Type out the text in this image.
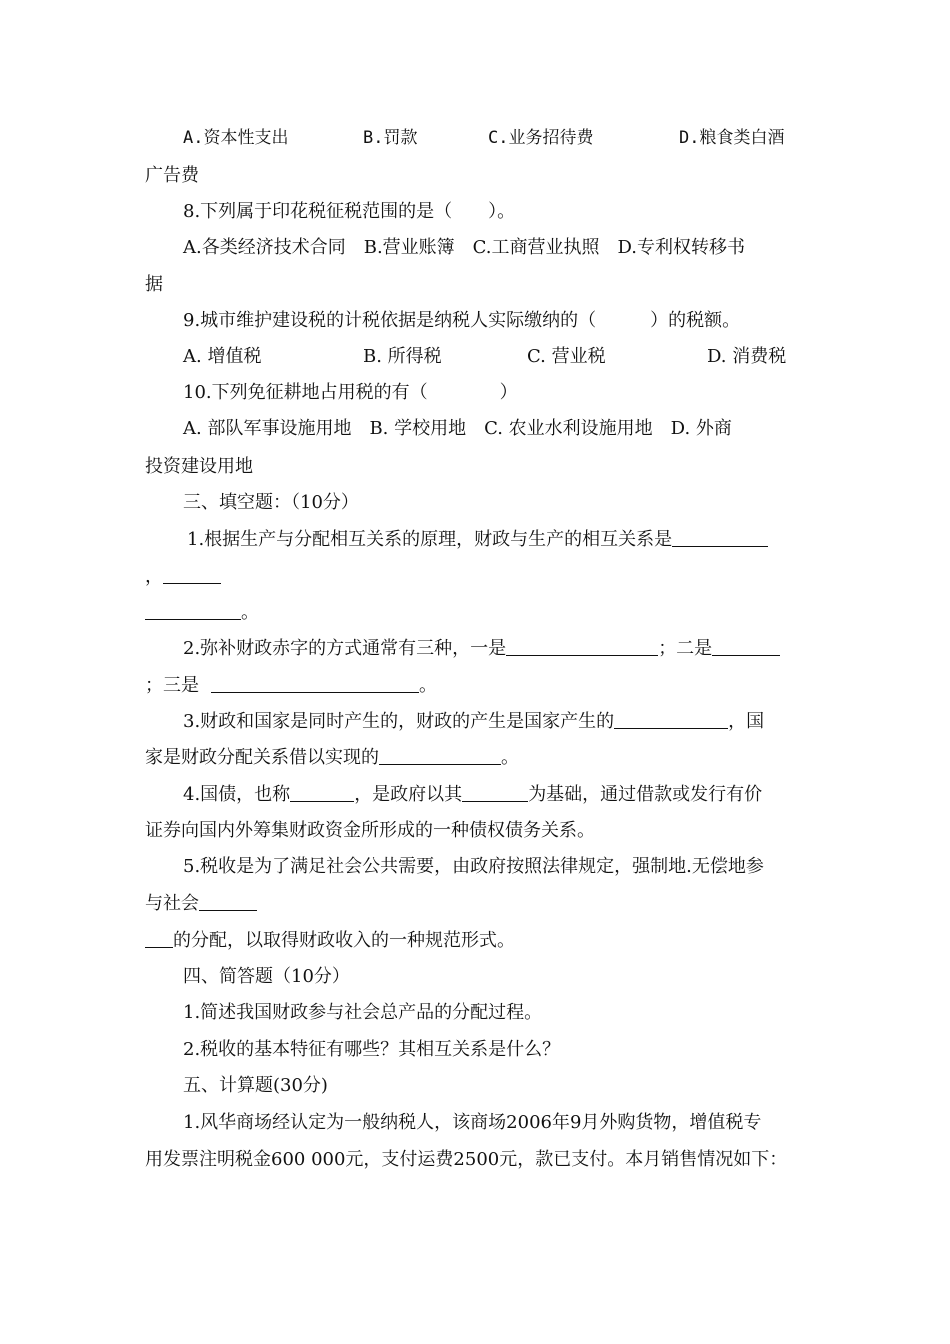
A.资本性支出	B.罚款	C.业务招待费	D.粮食类白酒
广告费
8.下列属于印花税征税范围的是（　　）。
A.各类经济技术合同　B.营业账簿　C.工商营业执照　D.专利权转移书
据
9.城市维护建设税的计税依据是纳税人实际缴纳的（　　　）的税额。
A. 增值税	B. 所得税	C. 营业税	D. 消费税
10.下列免征耕地占用税的有（　　　　）
A. 部队军事设施用地　B. 学校用地　C. 农业水利设施用地　D. 外商
投资建设用地
三、填空题：（10分）
1.根据生产与分配相互关系的原理，财政与生产的相互关系是
，
。
2.弥补财政赤字的方式通常有三种，一是	；二是
；三是	。
3.财政和国家是同时产生的，财政的产生是国家产生的	，国
家是财政分配关系借以实现的	。
4.国债，也称	，是政府以其	为基础，通过借款或发行有价
证券向国内外筹集财政资金所形成的一种债权债务关系。
5.税收是为了满足社会公共需要，由政府按照法律规定，强制地.无偿地参
与社会
的分配，以取得财政收入的一种规范形式。
四、简答题（10分）
1.简述我国财政参与社会总产品的分配过程。
2.税收的基本特征有哪些？其相互关系是什么？
五、计算题(30分)
1.风华商场经认定为一般纳税人，该商场2006年9月外购货物，增值税专
用发票注明税金600 000元，支付运费2500元，款已支付。本月销售情况如下：
